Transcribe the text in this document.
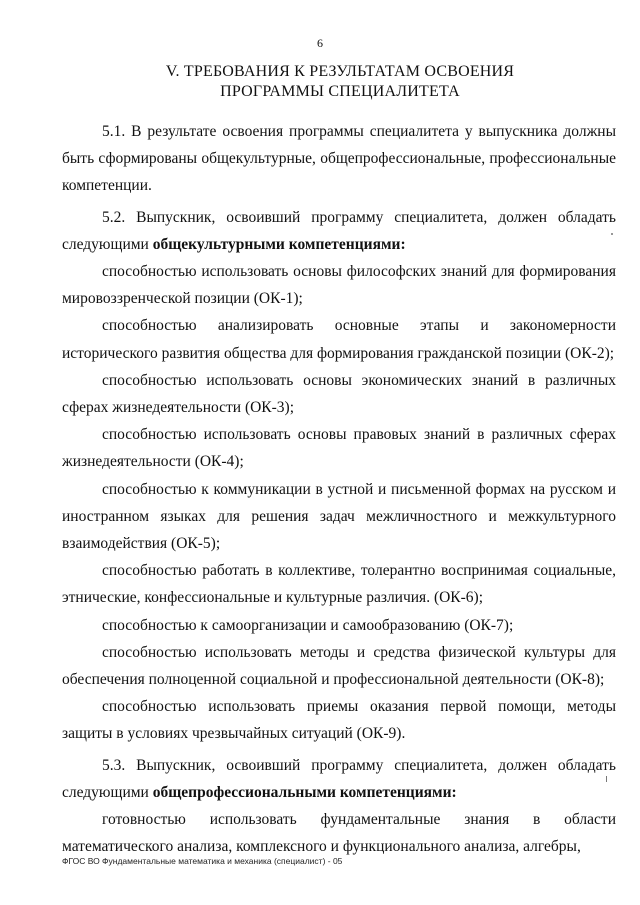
6
V. ТРЕБОВАНИЯ К РЕЗУЛЬТАТАМ ОСВОЕНИЯ
ПРОГРАММЫ СПЕЦИАЛИТЕТА

5.1. В результате освоения программы специалитета у выпускника должны быть сформированы общекультурные, общепрофессиональные, профессиональные компетенции.

5.2. Выпускник, освоивший программу специалитета, должен обладать следующими общекультурными компетенциями:

способностью использовать основы философских знаний для формирования мировоззренческой позиции (ОК-1);

способностью анализировать основные этапы и закономерности исторического развития общества для формирования гражданской позиции (ОК-2);

способностью использовать основы экономических знаний в различных сферах жизнедеятельности (ОК-3);

способностью использовать основы правовых знаний в различных сферах жизнедеятельности (ОК-4);

способностью к коммуникации в устной и письменной формах на русском и иностранном языках для решения задач межличностного и межкультурного взаимодействия (ОК-5);

способностью работать в коллективе, толерантно воспринимая социальные, этнические, конфессиональные и культурные различия. (ОК-6);

способностью к самоорганизации и самообразованию (ОК-7);

способностью использовать методы и средства физической культуры для обеспечения полноценной социальной и профессиональной деятельности (ОК-8);

способностью использовать приемы оказания первой помощи, методы защиты в условиях чрезвычайных ситуаций (ОК-9).

5.3. Выпускник, освоивший программу специалитета, должен обладать следующими общепрофессиональными компетенциями:

готовностью использовать фундаментальные знания в области математического анализа, комплексного и функционального анализа, алгебры,

ФГОС ВО Фундаментальные математика и механика (специалист) - 05
